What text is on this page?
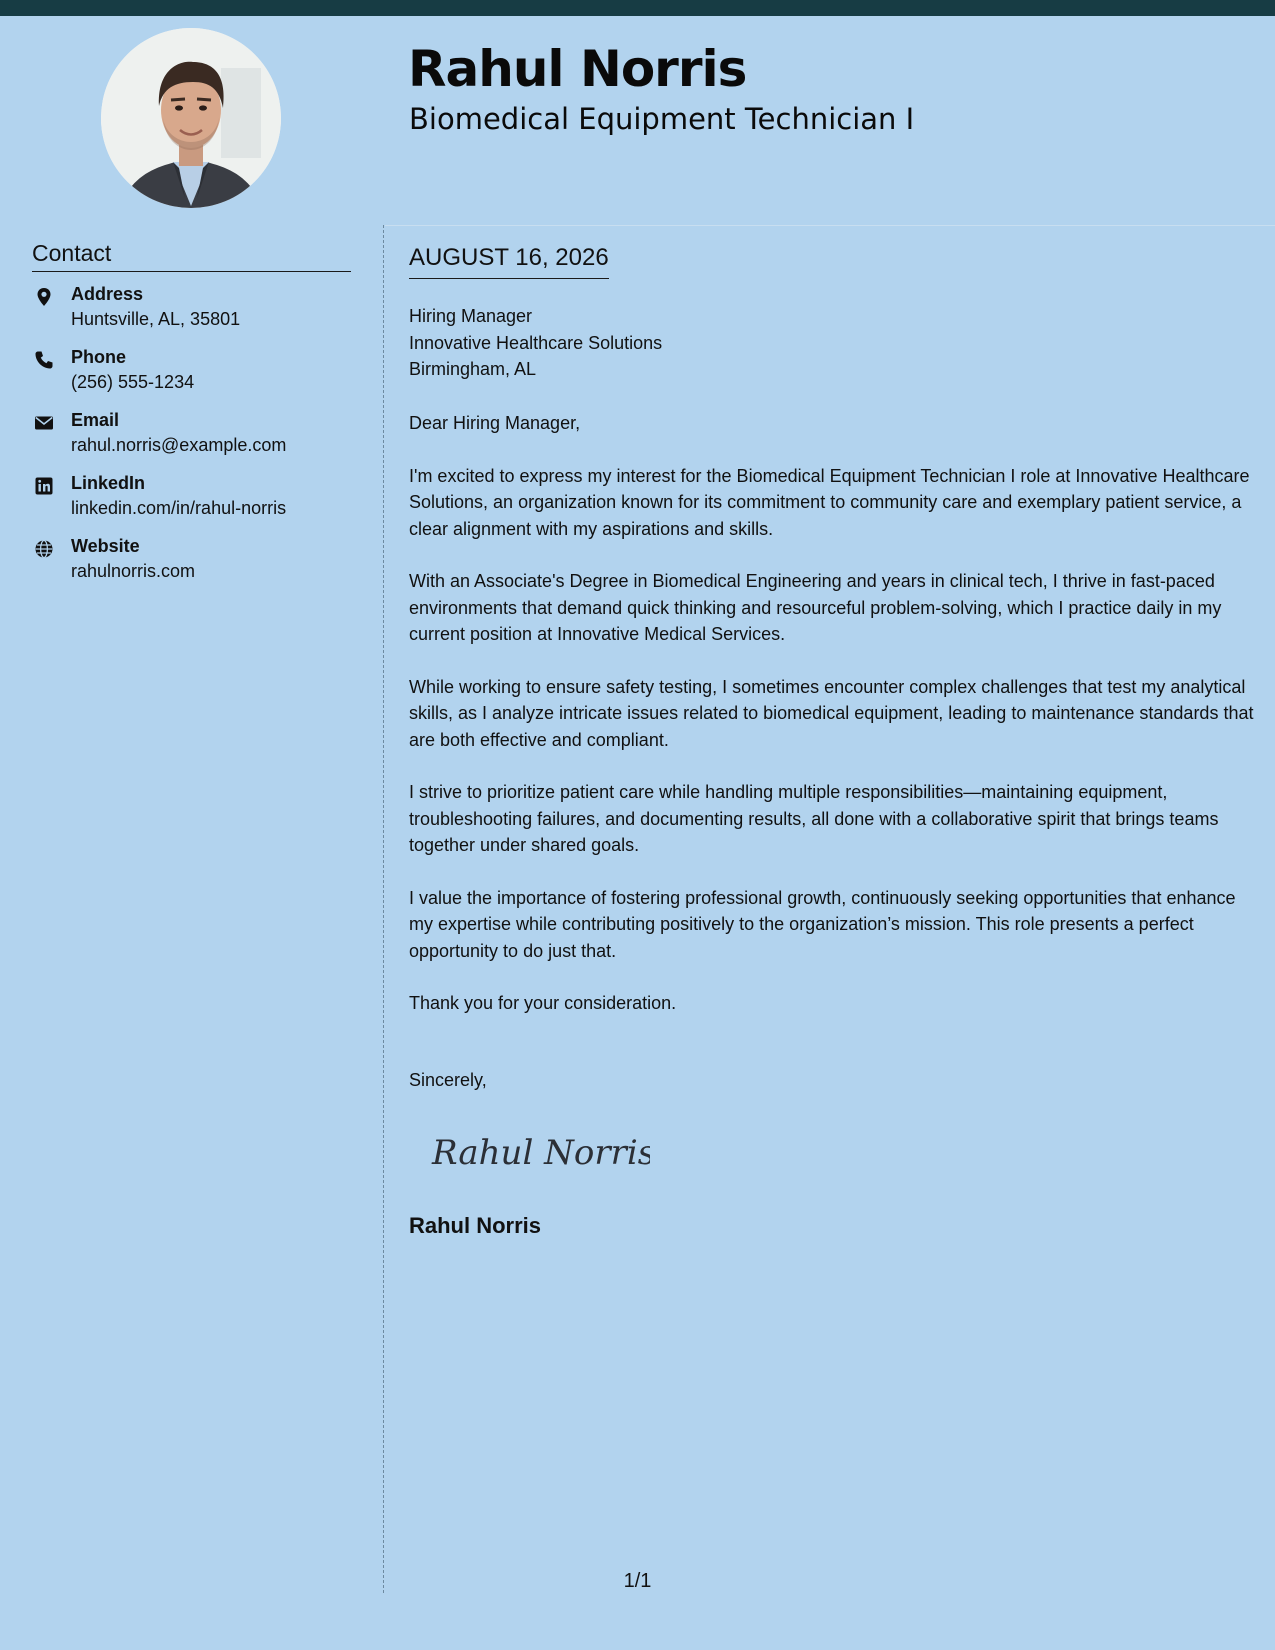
Rahul Norris
Biomedical Equipment Technician I
Contact
Address
Huntsville, AL, 35801
Phone
(256) 555-1234
Email
rahul.norris@example.com
LinkedIn
linkedin.com/in/rahul-norris
Website
rahulnorris.com
AUGUST 16, 2026
Hiring Manager
Innovative Healthcare Solutions
Birmingham, AL

Dear Hiring Manager,

I'm excited to express my interest for the Biomedical Equipment Technician I role at Innovative Healthcare Solutions, an organization known for its commitment to community care and exemplary patient service, a clear alignment with my aspirations and skills.

With an Associate's Degree in Biomedical Engineering and years in clinical tech, I thrive in fast-paced environments that demand quick thinking and resourceful problem-solving, which I practice daily in my current position at Innovative Medical Services.

While working to ensure safety testing, I sometimes encounter complex challenges that test my analytical skills, as I analyze intricate issues related to biomedical equipment, leading to maintenance standards that are both effective and compliant.

I strive to prioritize patient care while handling multiple responsibilities—maintaining equipment, troubleshooting failures, and documenting results, all done with a collaborative spirit that brings teams together under shared goals.

I value the importance of fostering professional growth, continuously seeking opportunities that enhance my expertise while contributing positively to the organization’s mission. This role presents a perfect opportunity to do just that.

Thank you for your consideration.

Sincerely,
Rahul Norris
Rahul Norris
1/1
